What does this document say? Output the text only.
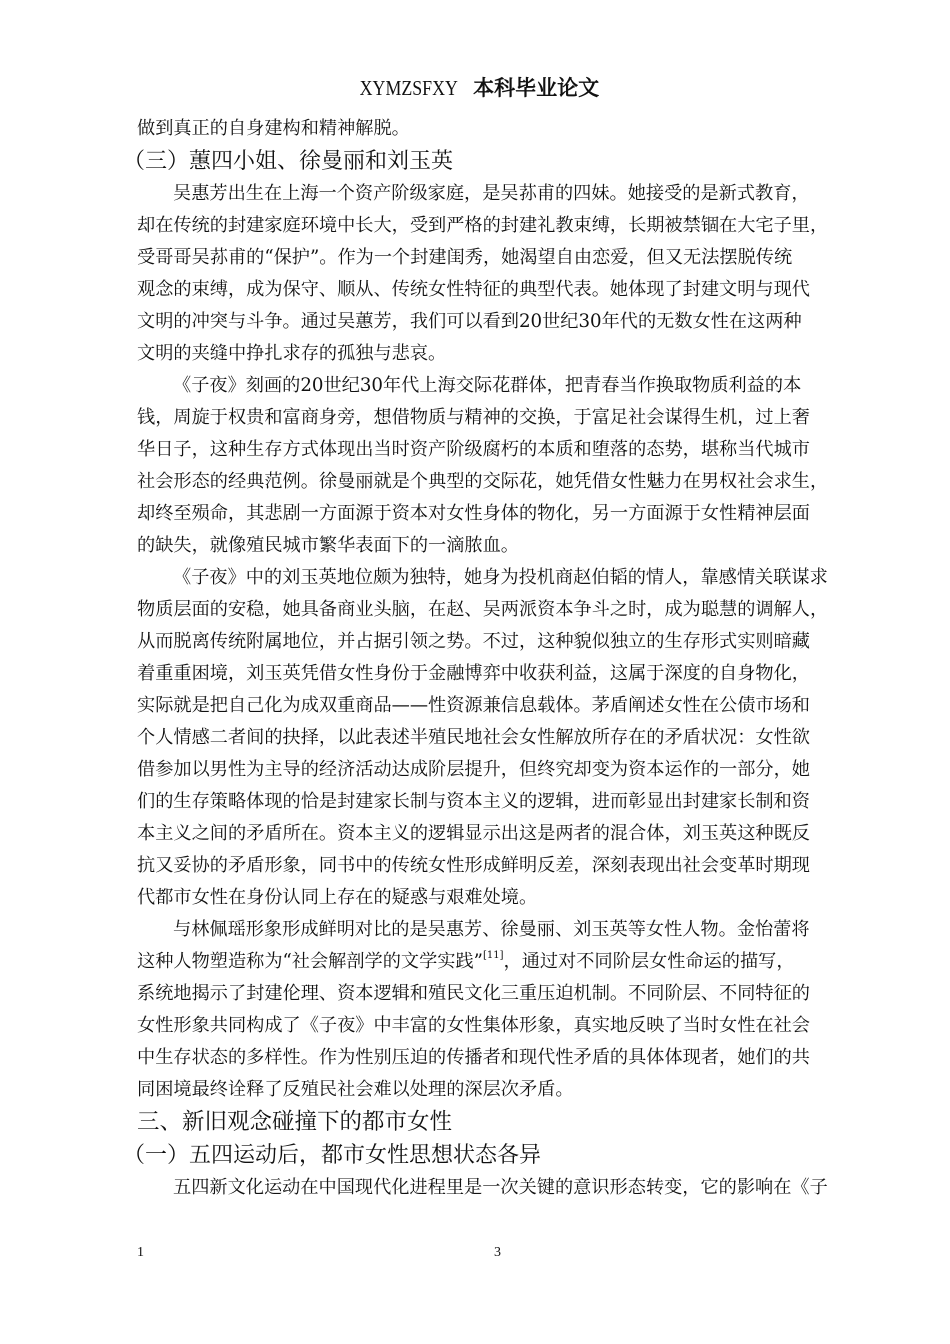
XYMZSFXY 本科毕业论文
做到真正的自身建构和精神解脱。
（三）蕙四小姐、徐曼丽和刘玉英
吴惠芳出生在上海一个资产阶级家庭，是吴荪甫的四妹。她接受的是新式教育，
却在传统的封建家庭环境中长大，受到严格的封建礼教束缚，长期被禁锢在大宅子里，
受哥哥吴荪甫的“保护”。作为一个封建闺秀，她渴望自由恋爱，但又无法摆脱传统
观念的束缚，成为保守、顺从、传统女性特征的典型代表。她体现了封建文明与现代
文明的冲突与斗争。通过吴蕙芳，我们可以看到20世纪30年代的无数女性在这两种
文明的夹缝中挣扎求存的孤独与悲哀。
《子夜》刻画的20世纪30年代上海交际花群体，把青春当作换取物质利益的本
钱，周旋于权贵和富商身旁，想借物质与精神的交换，于富足社会谋得生机，过上奢
华日子，这种生存方式体现出当时资产阶级腐朽的本质和堕落的态势，堪称当代城市
社会形态的经典范例。徐曼丽就是个典型的交际花，她凭借女性魅力在男权社会求生，
却终至殒命，其悲剧一方面源于资本对女性身体的物化，另一方面源于女性精神层面
的缺失，就像殖民城市繁华表面下的一滴脓血。
《子夜》中的刘玉英地位颇为独特，她身为投机商赵伯韬的情人，靠感情关联谋求
物质层面的安稳，她具备商业头脑，在赵、吴两派资本争斗之时，成为聪慧的调解人，
从而脱离传统附属地位，并占据引领之势。不过，这种貌似独立的生存形式实则暗藏
着重重困境，刘玉英凭借女性身份于金融博弈中收获利益，这属于深度的自身物化，
实际就是把自己化为成双重商品——性资源兼信息载体。茅盾阐述女性在公债市场和
个人情感二者间的抉择，以此表述半殖民地社会女性解放所存在的矛盾状况：女性欲
借参加以男性为主导的经济活动达成阶层提升，但终究却变为资本运作的一部分，她
们的生存策略体现的恰是封建家长制与资本主义的逻辑，进而彰显出封建家长制和资
本主义之间的矛盾所在。资本主义的逻辑显示出这是两者的混合体，刘玉英这种既反
抗又妥协的矛盾形象，同书中的传统女性形成鲜明反差，深刻表现出社会变革时期现
代都市女性在身份认同上存在的疑惑与艰难处境。
与林佩瑶形象形成鲜明对比的是吴惠芳、徐曼丽、刘玉英等女性人物。金怡蕾将
这种人物塑造称为“社会解剖学的文学实践”[11]，通过对不同阶层女性命运的描写，
系统地揭示了封建伦理、资本逻辑和殖民文化三重压迫机制。不同阶层、不同特征的
女性形象共同构成了《子夜》中丰富的女性集体形象，真实地反映了当时女性在社会
中生存状态的多样性。作为性别压迫的传播者和现代性矛盾的具体体现者，她们的共
同困境最终诠释了反殖民社会难以处理的深层次矛盾。
三、新旧观念碰撞下的都市女性
（一）五四运动后，都市女性思想状态各异
五四新文化运动在中国现代化进程里是一次关键的意识形态转变，它的影响在《子
1	3
